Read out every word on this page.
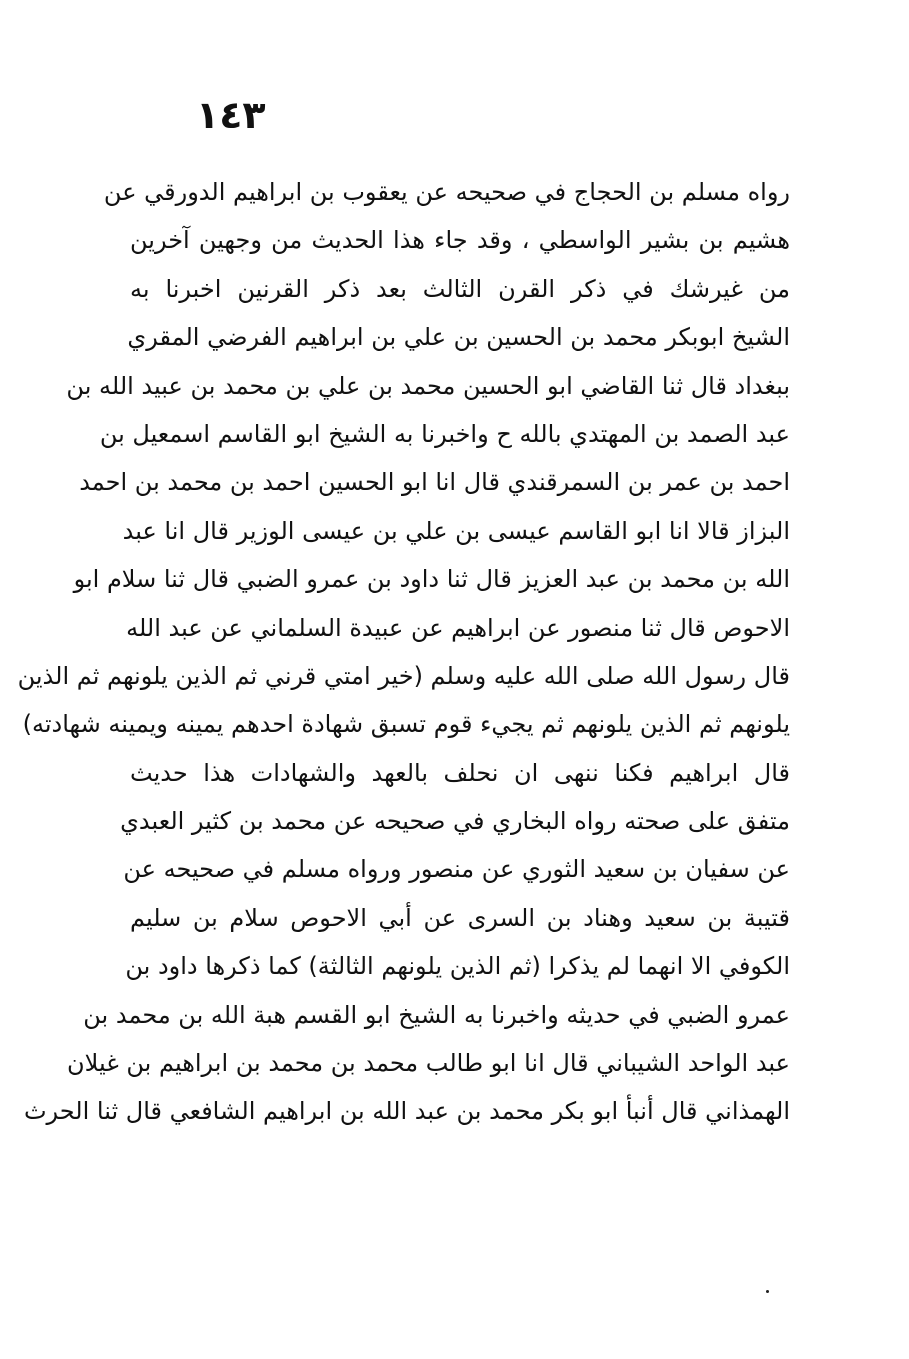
١٤٣
رواه مسلم بن الحجاج في صحيحه عن يعقوب بن ابراهيم الدورقي عن
هشيم بن بشير الواسطي ، وقد جاء هذا الحديث من وجهين آخرين
من غيرشك في ذكر القرن الثالث بعد ذكر القرنين اخبرنا به
الشيخ ابوبكر محمد بن الحسين بن علي بن ابراهيم الفرضي المقري
ببغداد قال ثنا القاضي ابو الحسين محمد بن علي بن محمد بن عبيد الله بن
عبد الصمد بن المهتدي بالله ح واخبرنا به الشيخ ابو القاسم اسمعيل بن
احمد بن عمر بن السمرقندي قال انا ابو الحسين احمد بن محمد بن احمد
البزاز قالا انا ابو القاسم عيسى بن علي بن عيسى الوزير قال انا عبد
الله بن محمد بن عبد العزيز قال ثنا داود بن عمرو الضبي قال ثنا سلام ابو
الاحوص قال ثنا منصور عن ابراهيم عن عبيدة السلماني عن عبد الله
قال رسول الله صلى الله عليه وسلم (خير امتي قرني ثم الذين يلونهم ثم الذين
يلونهم ثم الذين يلونهم ثم يجيء قوم تسبق شهادة احدهم يمينه ويمينه شهادته)
قال ابراهيم فكنا ننهى ان نحلف بالعهد والشهادات هذا حديث
متفق على صحته رواه البخاري في صحيحه عن محمد بن كثير العبدي
عن سفيان بن سعيد الثوري عن منصور ورواه مسلم في صحيحه عن
قتيبة بن سعيد وهناد بن السرى عن أبي الاحوص سلام بن سليم
الكوفي الا انهما لم يذكرا (ثم الذين يلونهم الثالثة) كما ذكرها داود بن
عمرو الضبي في حديثه واخبرنا به الشيخ ابو القسم هبة الله بن محمد بن
عبد الواحد الشيباني قال انا ابو طالب محمد بن محمد بن ابراهيم بن غيلان
الهمذاني قال أنبأ ابو بكر محمد بن عبد الله بن ابراهيم الشافعي قال ثنا الحرث
